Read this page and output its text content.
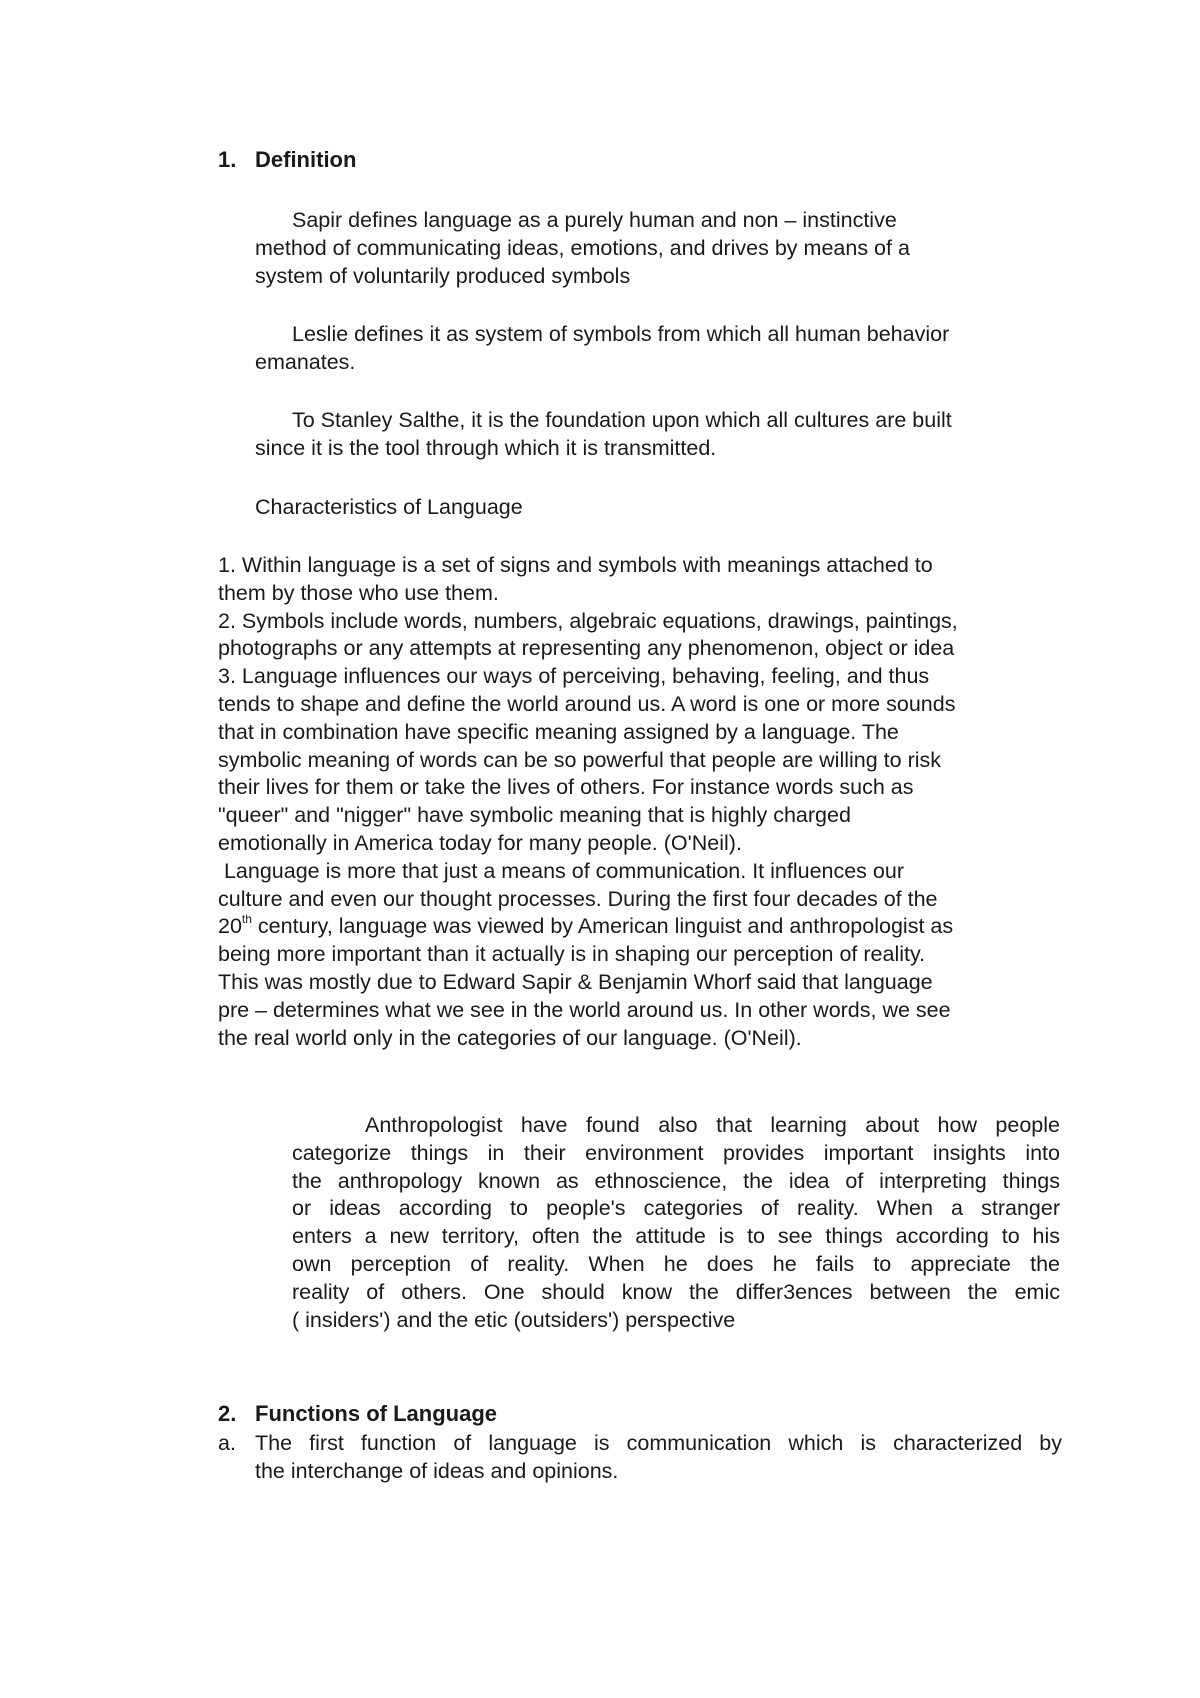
1. Definition
Sapir defines language as a purely human and non – instinctive
method of communicating ideas, emotions, and drives by means of a
system of voluntarily produced symbols
Leslie defines it as system of symbols from which all human behavior
emanates.
To Stanley Salthe, it is the foundation upon which all cultures are built
since it is the tool through which it is transmitted.
Characteristics of Language
1. Within language is a set of signs and symbols with meanings attached to
them by those who use them.
2. Symbols include words, numbers, algebraic equations, drawings, paintings,
photographs or any attempts at representing any phenomenon, object or idea
3. Language influences our ways of perceiving, behaving, feeling, and thus
tends to shape and define the world around us. A word is one or more sounds
that in combination have specific meaning assigned by a language. The
symbolic meaning of words can be so powerful that people are willing to risk
their lives for them or take the lives of others. For instance words such as
"queer" and "nigger" have symbolic meaning that is highly charged
emotionally in America today for many people. (O'Neil).
Language is more that just a means of communication. It influences our
culture and even our thought processes. During the first four decades of the
20th century, language was viewed by American linguist and anthropologist as
being more important than it actually is in shaping our perception of reality.
This was mostly due to Edward Sapir & Benjamin Whorf said that language
pre – determines what we see in the world around us. In other words, we see
the real world only in the categories of our language. (O'Neil).
Anthropologist have found also that learning about how people
categorize things in their environment provides important insights into
the anthropology known as ethnoscience, the idea of interpreting things
or ideas according to people's categories of reality. When a stranger
enters a new territory, often the attitude is to see things according to his
own perception of reality. When he does he fails to appreciate the
reality of others. One should know the differ3ences between the emic
( insiders') and the etic (outsiders') perspective
2. Functions of Language
a. The first function of language is communication which is characterized by
the interchange of ideas and opinions.
